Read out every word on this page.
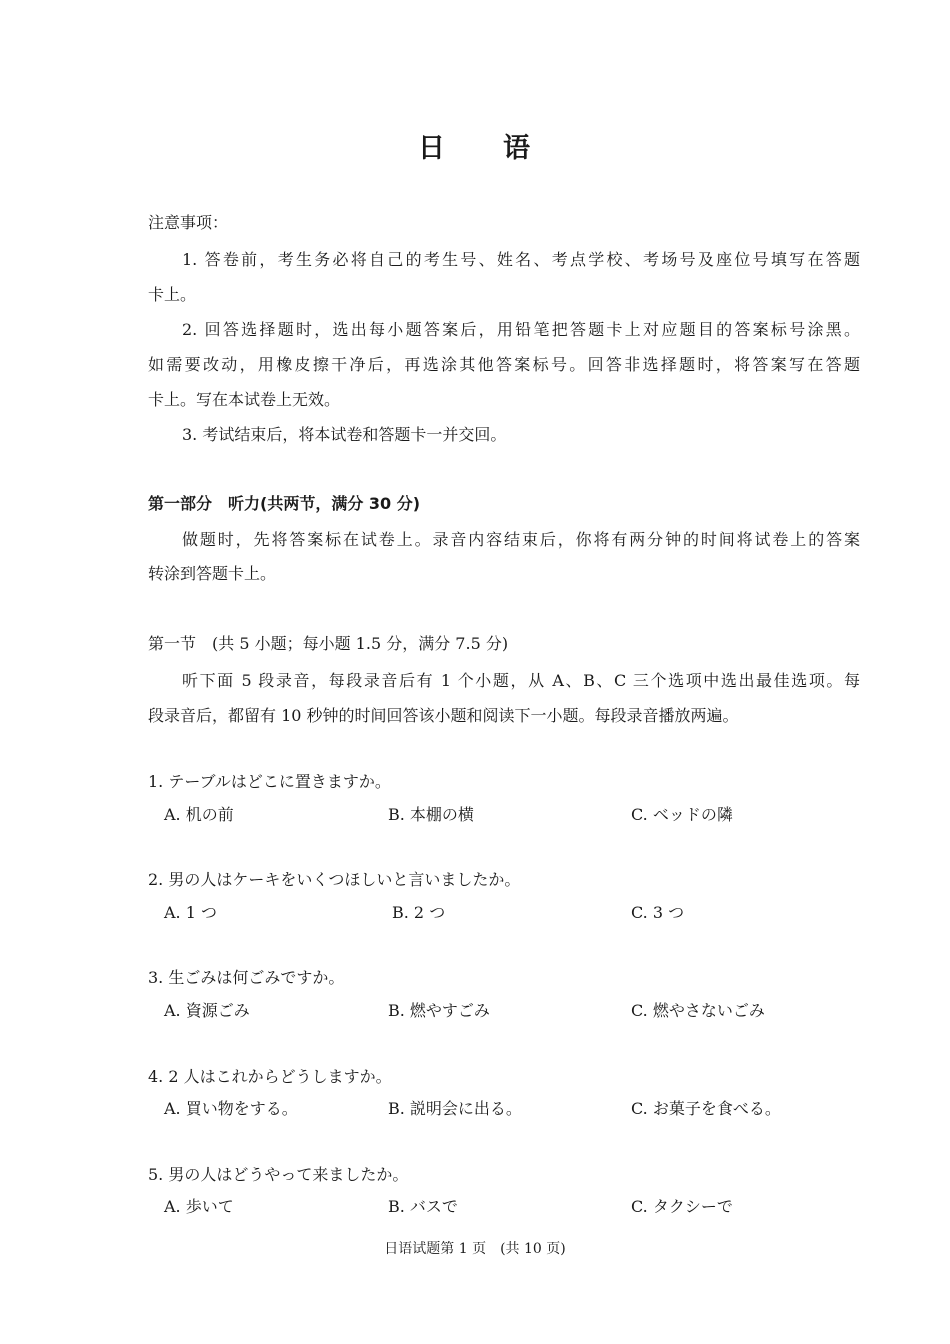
日 语
注意事项：
1. 答卷前，考生务必将自己的考生号、姓名、考点学校、考场号及座位号填写在答题
卡上。
2. 回答选择题时，选出每小题答案后，用铅笔把答题卡上对应题目的答案标号涂黑。
如需要改动，用橡皮擦干净后，再选涂其他答案标号。回答非选择题时，将答案写在答题
卡上。写在本试卷上无效。
3. 考试结束后，将本试卷和答题卡一并交回。
第一部分　听力(共两节，满分 30 分)
做题时，先将答案标在试卷上。录音内容结束后，你将有两分钟的时间将试卷上的答案
转涂到答题卡上。
第一节　(共 5 小题；每小题 1.5 分，满分 7.5 分)
听下面 5 段录音，每段录音后有 1 个小题，从 A、B、C 三个选项中选出最佳选项。每
段录音后，都留有 10 秒钟的时间回答该小题和阅读下一小题。每段录音播放两遍。
1. テーブルはどこに置きますか。
A. 机の前	B. 本棚の横	C. ベッドの隣
2. 男の人はケーキをいくつほしいと言いましたか。
A. 1 つ	B. 2 つ	C. 3 つ
3. 生ごみは何ごみですか。
A. 資源ごみ	B. 燃やすごみ	C. 燃やさないごみ
4. 2 人はこれからどうしますか。
A. 買い物をする。	B. 説明会に出る。	C. お菓子を食べる。
5. 男の人はどうやって来ましたか。
A. 歩いて	B. バスで	C. タクシーで
日语试题第 1 页　(共 10 页)
